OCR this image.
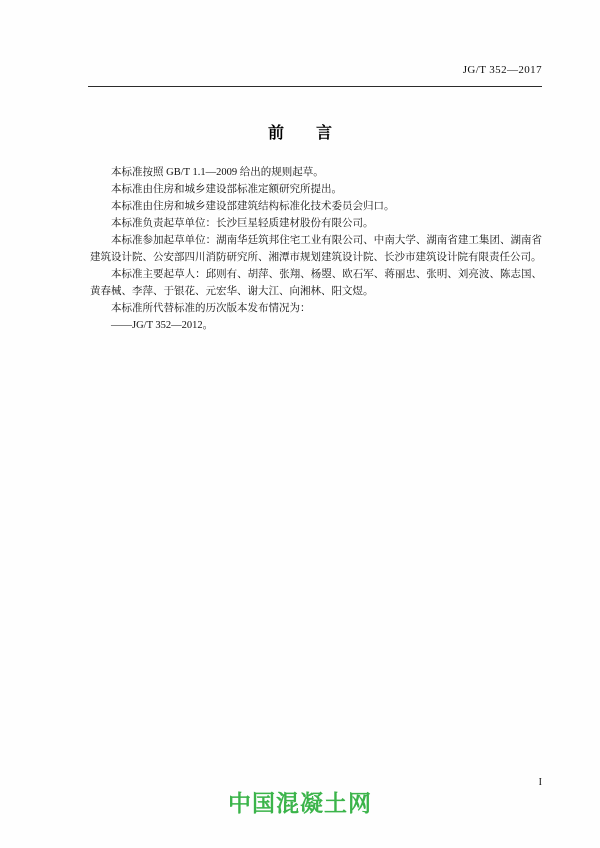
JG/T 352—2017
前 言

本标准按照 GB/T 1.1—2009 给出的规则起草。

本标准由住房和城乡建设部标准定额研究所提出。

本标准由住房和城乡建设部建筑结构标准化技术委员会归口。

本标准负责起草单位：长沙巨星轻质建材股份有限公司。

本标准参加起草单位：湖南华廷筑邦住宅工业有限公司、中南大学、湖南省建工集团、湖南省建筑设计院、公安部四川消防研究所、湘潭市规划建筑设计院、长沙市建筑设计院有限责任公司。

本标准主要起草人：邱则有、胡萍、张翔、杨曌、欧石军、蒋丽忠、张明、刘亮波、陈志国、黄春械、李萍、于银花、元宏华、谢大江、向湘林、阳文煜。

本标准所代替标准的历次版本发布情况为：

——JG/T 352—2012。

I
中国混凝土网
